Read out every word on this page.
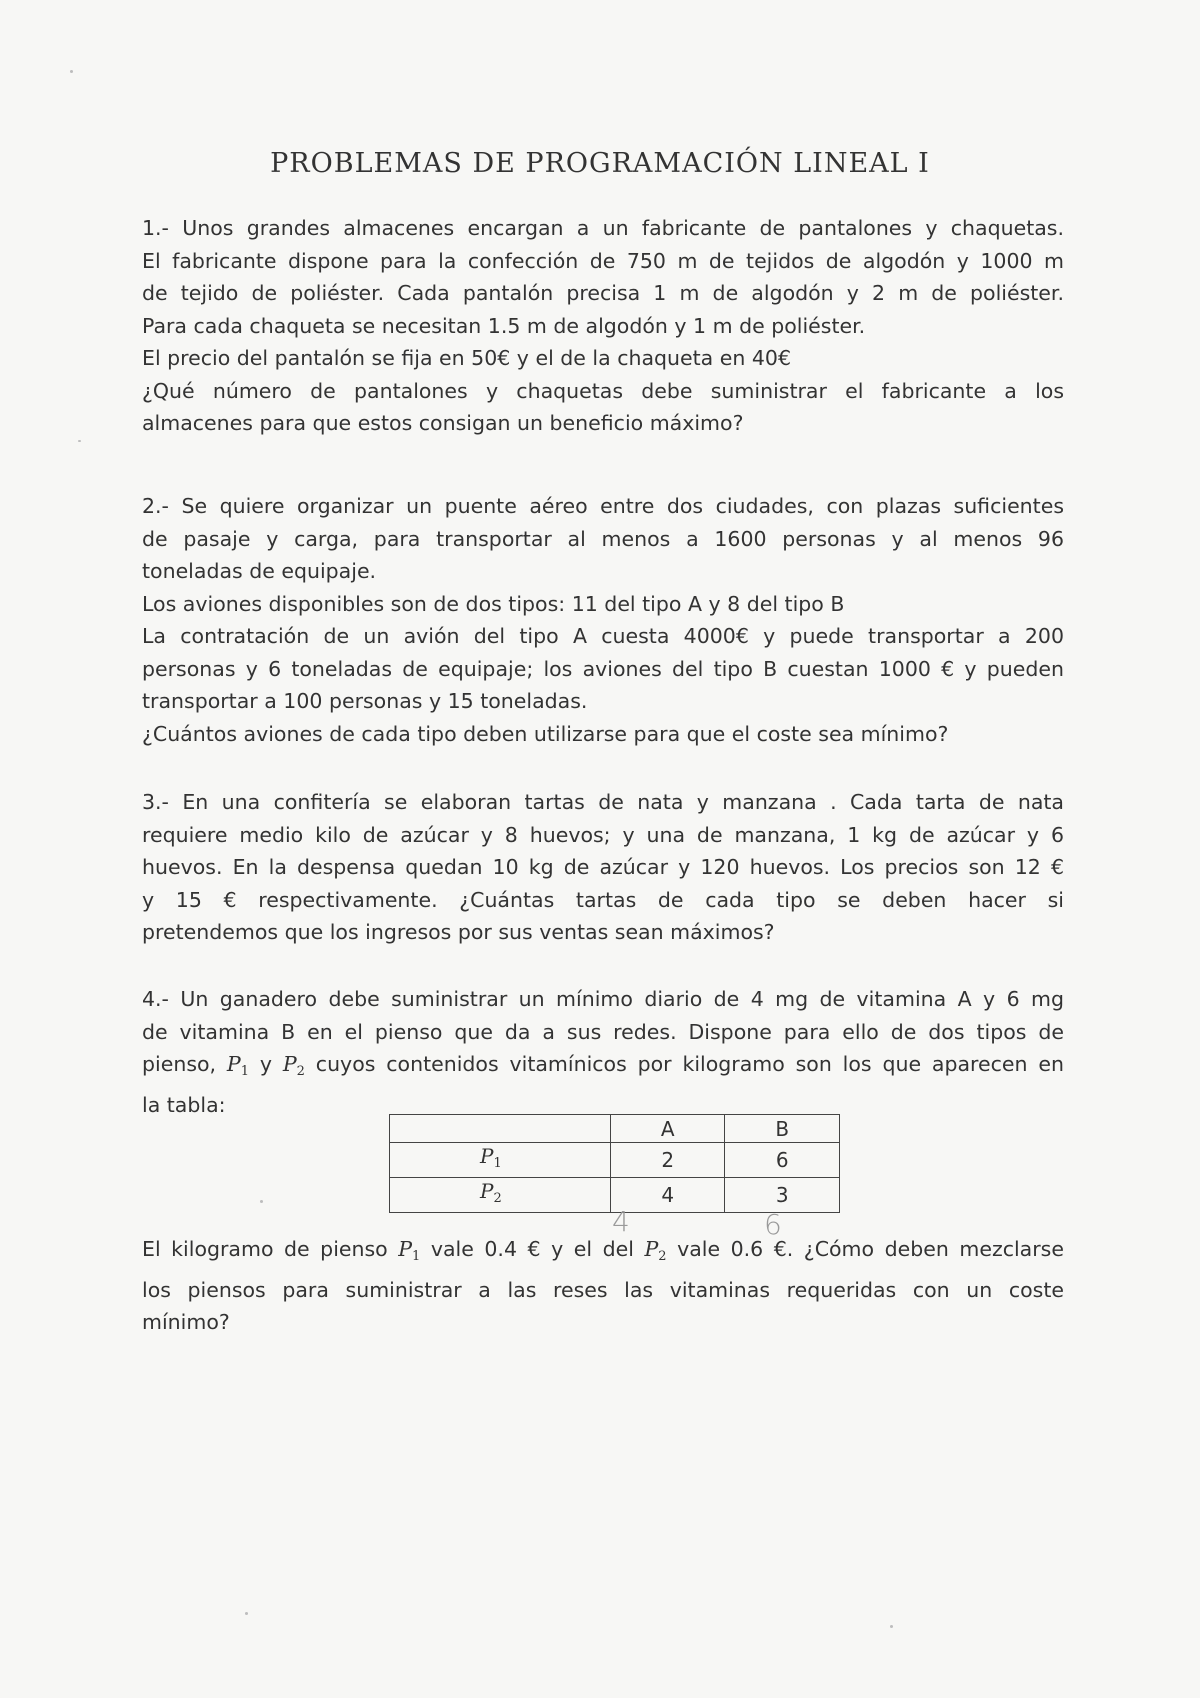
PROBLEMAS DE PROGRAMACIÓN LINEAL I

1.- Unos grandes almacenes encargan a un fabricante de pantalones y chaquetas.

El fabricante dispone para la confección de 750 m de tejidos de algodón y 1000 m

de tejido de poliéster. Cada pantalón precisa 1 m de algodón y 2 m de poliéster.

Para cada chaqueta se necesitan 1.5 m de algodón y 1 m de poliéster.

El precio del pantalón se fija en 50€ y el de la chaqueta en 40€

¿Qué número de pantalones y chaquetas debe suministrar el fabricante a los

almacenes para que estos consigan un beneficio máximo?

2.- Se quiere organizar un puente aéreo entre dos ciudades, con plazas suficientes

de pasaje y carga, para transportar al menos a 1600 personas y al menos 96

toneladas de equipaje.

Los aviones disponibles son de dos tipos: 11 del tipo A y 8 del tipo B

La contratación de un avión del tipo A cuesta 4000€ y puede transportar a 200

personas y 6 toneladas de equipaje; los aviones del tipo B cuestan 1000 € y pueden

transportar a 100 personas y 15 toneladas.

¿Cuántos aviones de cada tipo deben utilizarse para que el coste sea mínimo?

3.- En una confitería se elaboran tartas de nata y manzana . Cada tarta de nata

requiere medio kilo de azúcar y 8 huevos; y una de manzana, 1 kg de azúcar y 6

huevos. En la despensa quedan 10 kg de azúcar y 120 huevos. Los precios son 12 €

y 15 € respectivamente. ¿Cuántas tartas de cada tipo se deben hacer si

pretendemos que los ingresos por sus ventas sean máximos?

4.- Un ganadero debe suministrar un mínimo diario de 4 mg de vitamina A y 6 mg

de vitamina B en el pienso que da a sus redes. Dispone para ello de dos tipos de

pienso, $P_1$ y $P_2$ cuyos contenidos vitamínicos por kilogramo son los que aparecen en

la tabla:

	A	B
$P_1$	2	6
$P_2$	4	3
4	6

El kilogramo de pienso $P_1$ vale 0.4 € y el del $P_2$ vale 0.6 €. ¿Cómo deben mezclarse

los piensos para suministrar a las reses las vitaminas requeridas con un coste

mínimo?
